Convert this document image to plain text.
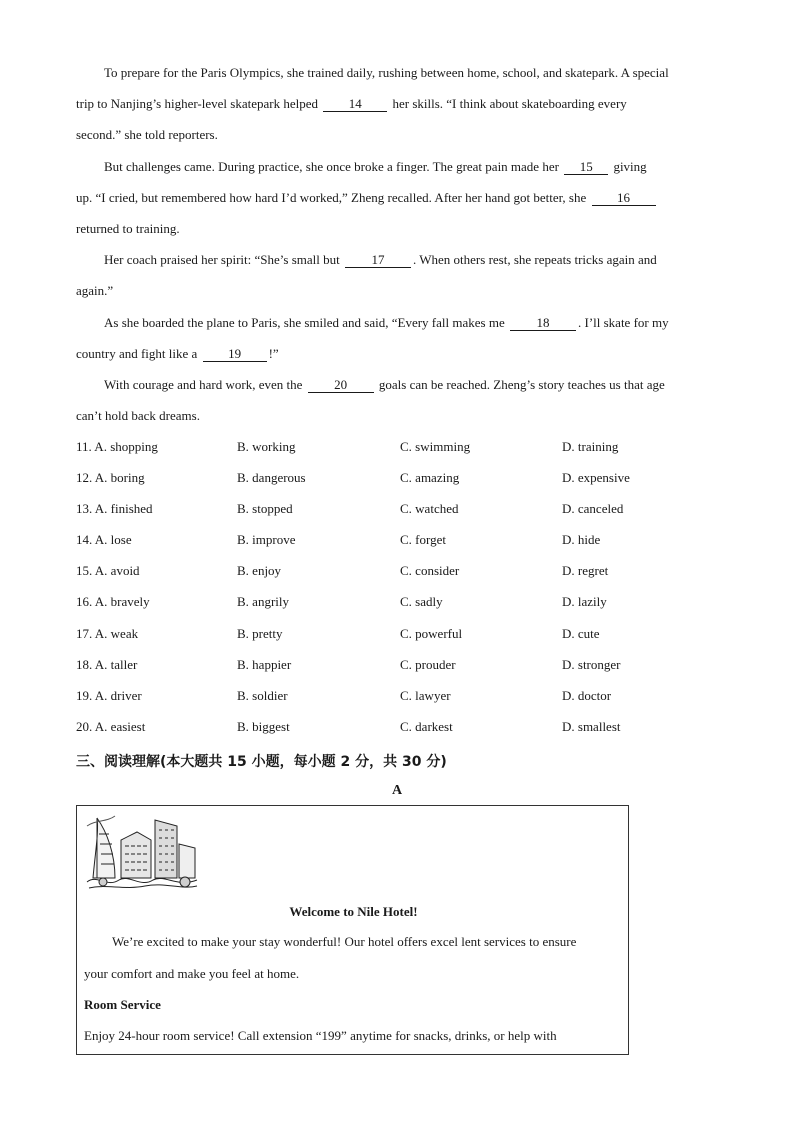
To prepare for the Paris Olympics, she trained daily, rushing between home, school, and skatepark. A special

trip to Nanjing’s higher-level skatepark helped 14 her skills. “I think about skateboarding every

second.” she told reporters.

But challenges came. During practice, she once broke a finger. The great pain made her 15 giving

up. “I cried, but remembered how hard I’d worked,” Zheng recalled. After her hand got better, she 16

returned to training.

Her coach praised her spirit: “She’s small but 17 . When others rest, she repeats tricks again and

again.”

As she boarded the plane to Paris, she smiled and said, “Every fall makes me 18 . I’ll skate for my

country and fight like a 19 !”

With courage and hard work, even the 20 goals can be reached. Zheng’s story teaches us that age

can’t hold back dreams.

11. A. shopping	B. working	C. swimming	D. training
12. A. boring	B. dangerous	C. amazing	D. expensive
13. A. finished	B. stopped	C. watched	D. canceled
14. A. lose	B. improve	C. forget	D. hide
15. A. avoid	B. enjoy	C. consider	D. regret
16. A. bravely	B. angrily	C. sadly	D. lazily
17. A. weak	B. pretty	C. powerful	D. cute
18. A. taller	B. happier	C. prouder	D. stronger
19. A. driver	B. soldier	C. lawyer	D. doctor
20. A. easiest	B. biggest	C. darkest	D. smallest
三、阅读理解(本大题共 15 小题，每小题 2 分，共 30 分)
A
Welcome to Nile Hotel!
We’re excited to make your stay wonderful! Our hotel offers excel lent services to ensure
your comfort and make you feel at home.
Room Service
Enjoy 24-hour room service! Call extension “199” anytime for snacks, drinks, or help with
